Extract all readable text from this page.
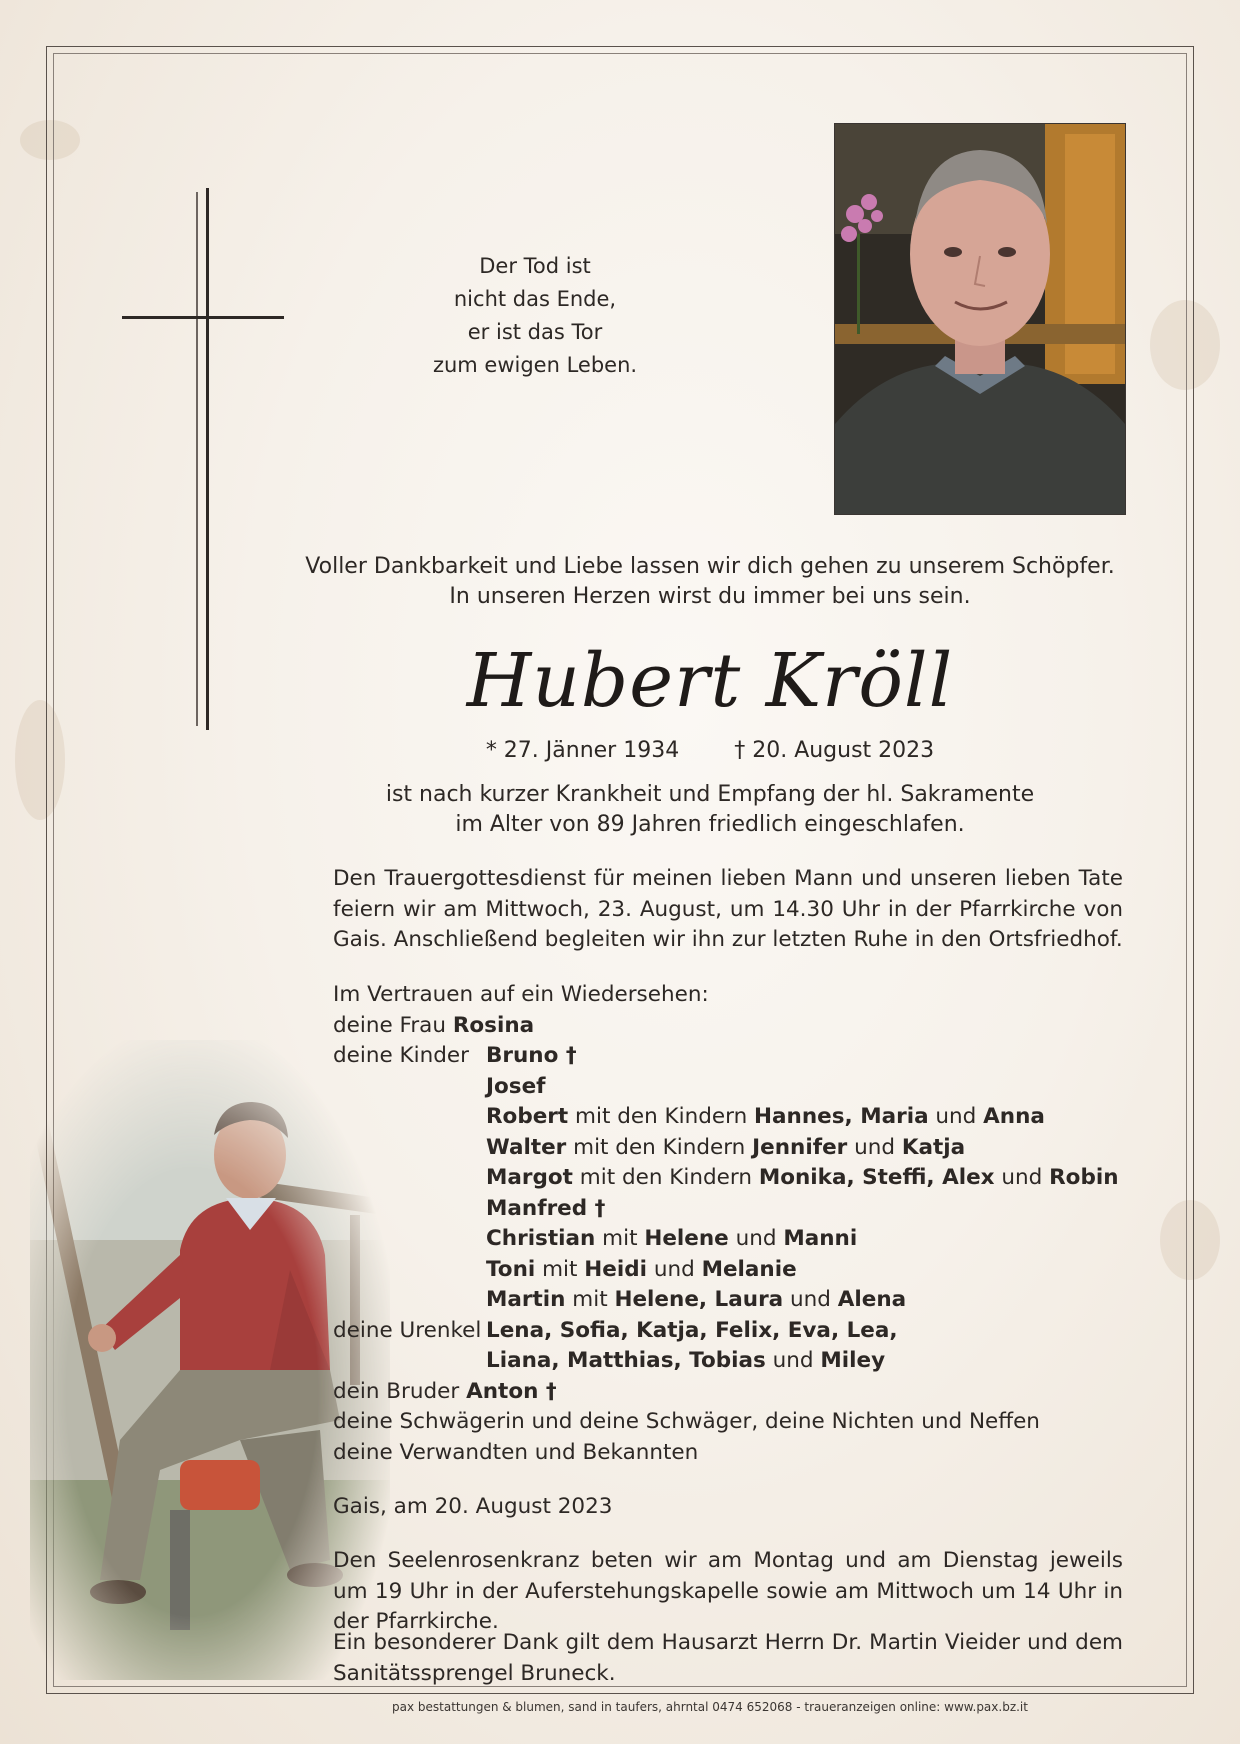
Der Tod ist
nicht das Ende,
er ist das Tor
zum ewigen Leben.
Voller Dankbarkeit und Liebe lassen wir dich gehen zu unserem Schöpfer.
In unseren Herzen wirst du immer bei uns sein.
Hubert Kröll
* 27. Jänner 1934	† 20. August 2023
ist nach kurzer Krankheit und Empfang der hl. Sakramente
im Alter von 89 Jahren friedlich eingeschlafen.
Den Trauergottesdienst für meinen lieben Mann und unseren lieben Tate feiern wir am Mittwoch, 23. August, um 14.30 Uhr in der Pfarrkirche von Gais. Anschließend begleiten wir ihn zur letzten Ruhe in den Ortsfriedhof.
Im Vertrauen auf ein Wiedersehen:
deine Frau Rosina
deine Kinder Bruno †
Josef
Robert mit den Kindern Hannes, Maria und Anna
Walter mit den Kindern Jennifer und Katja
Margot mit den Kindern Monika, Steffi, Alex und Robin
Manfred †
Christian mit Helene und Manni
Toni mit Heidi und Melanie
Martin mit Helene, Laura und Alena
deine Urenkel Lena, Sofia, Katja, Felix, Eva, Lea,
Liana, Matthias, Tobias und Miley
dein Bruder Anton †
deine Schwägerin und deine Schwäger, deine Nichten und Neffen
deine Verwandten und Bekannten
Gais, am 20. August 2023
Den Seelenrosenkranz beten wir am Montag und am Dienstag jeweils um 19 Uhr in der Auferstehungskapelle sowie am Mittwoch um 14 Uhr in der Pfarrkirche.
Ein besonderer Dank gilt dem Hausarzt Herrn Dr. Martin Vieider und dem Sanitätssprengel Bruneck.
pax bestattungen & blumen, sand in taufers, ahrntal 0474 652068 - traueranzeigen online: www.pax.bz.it
